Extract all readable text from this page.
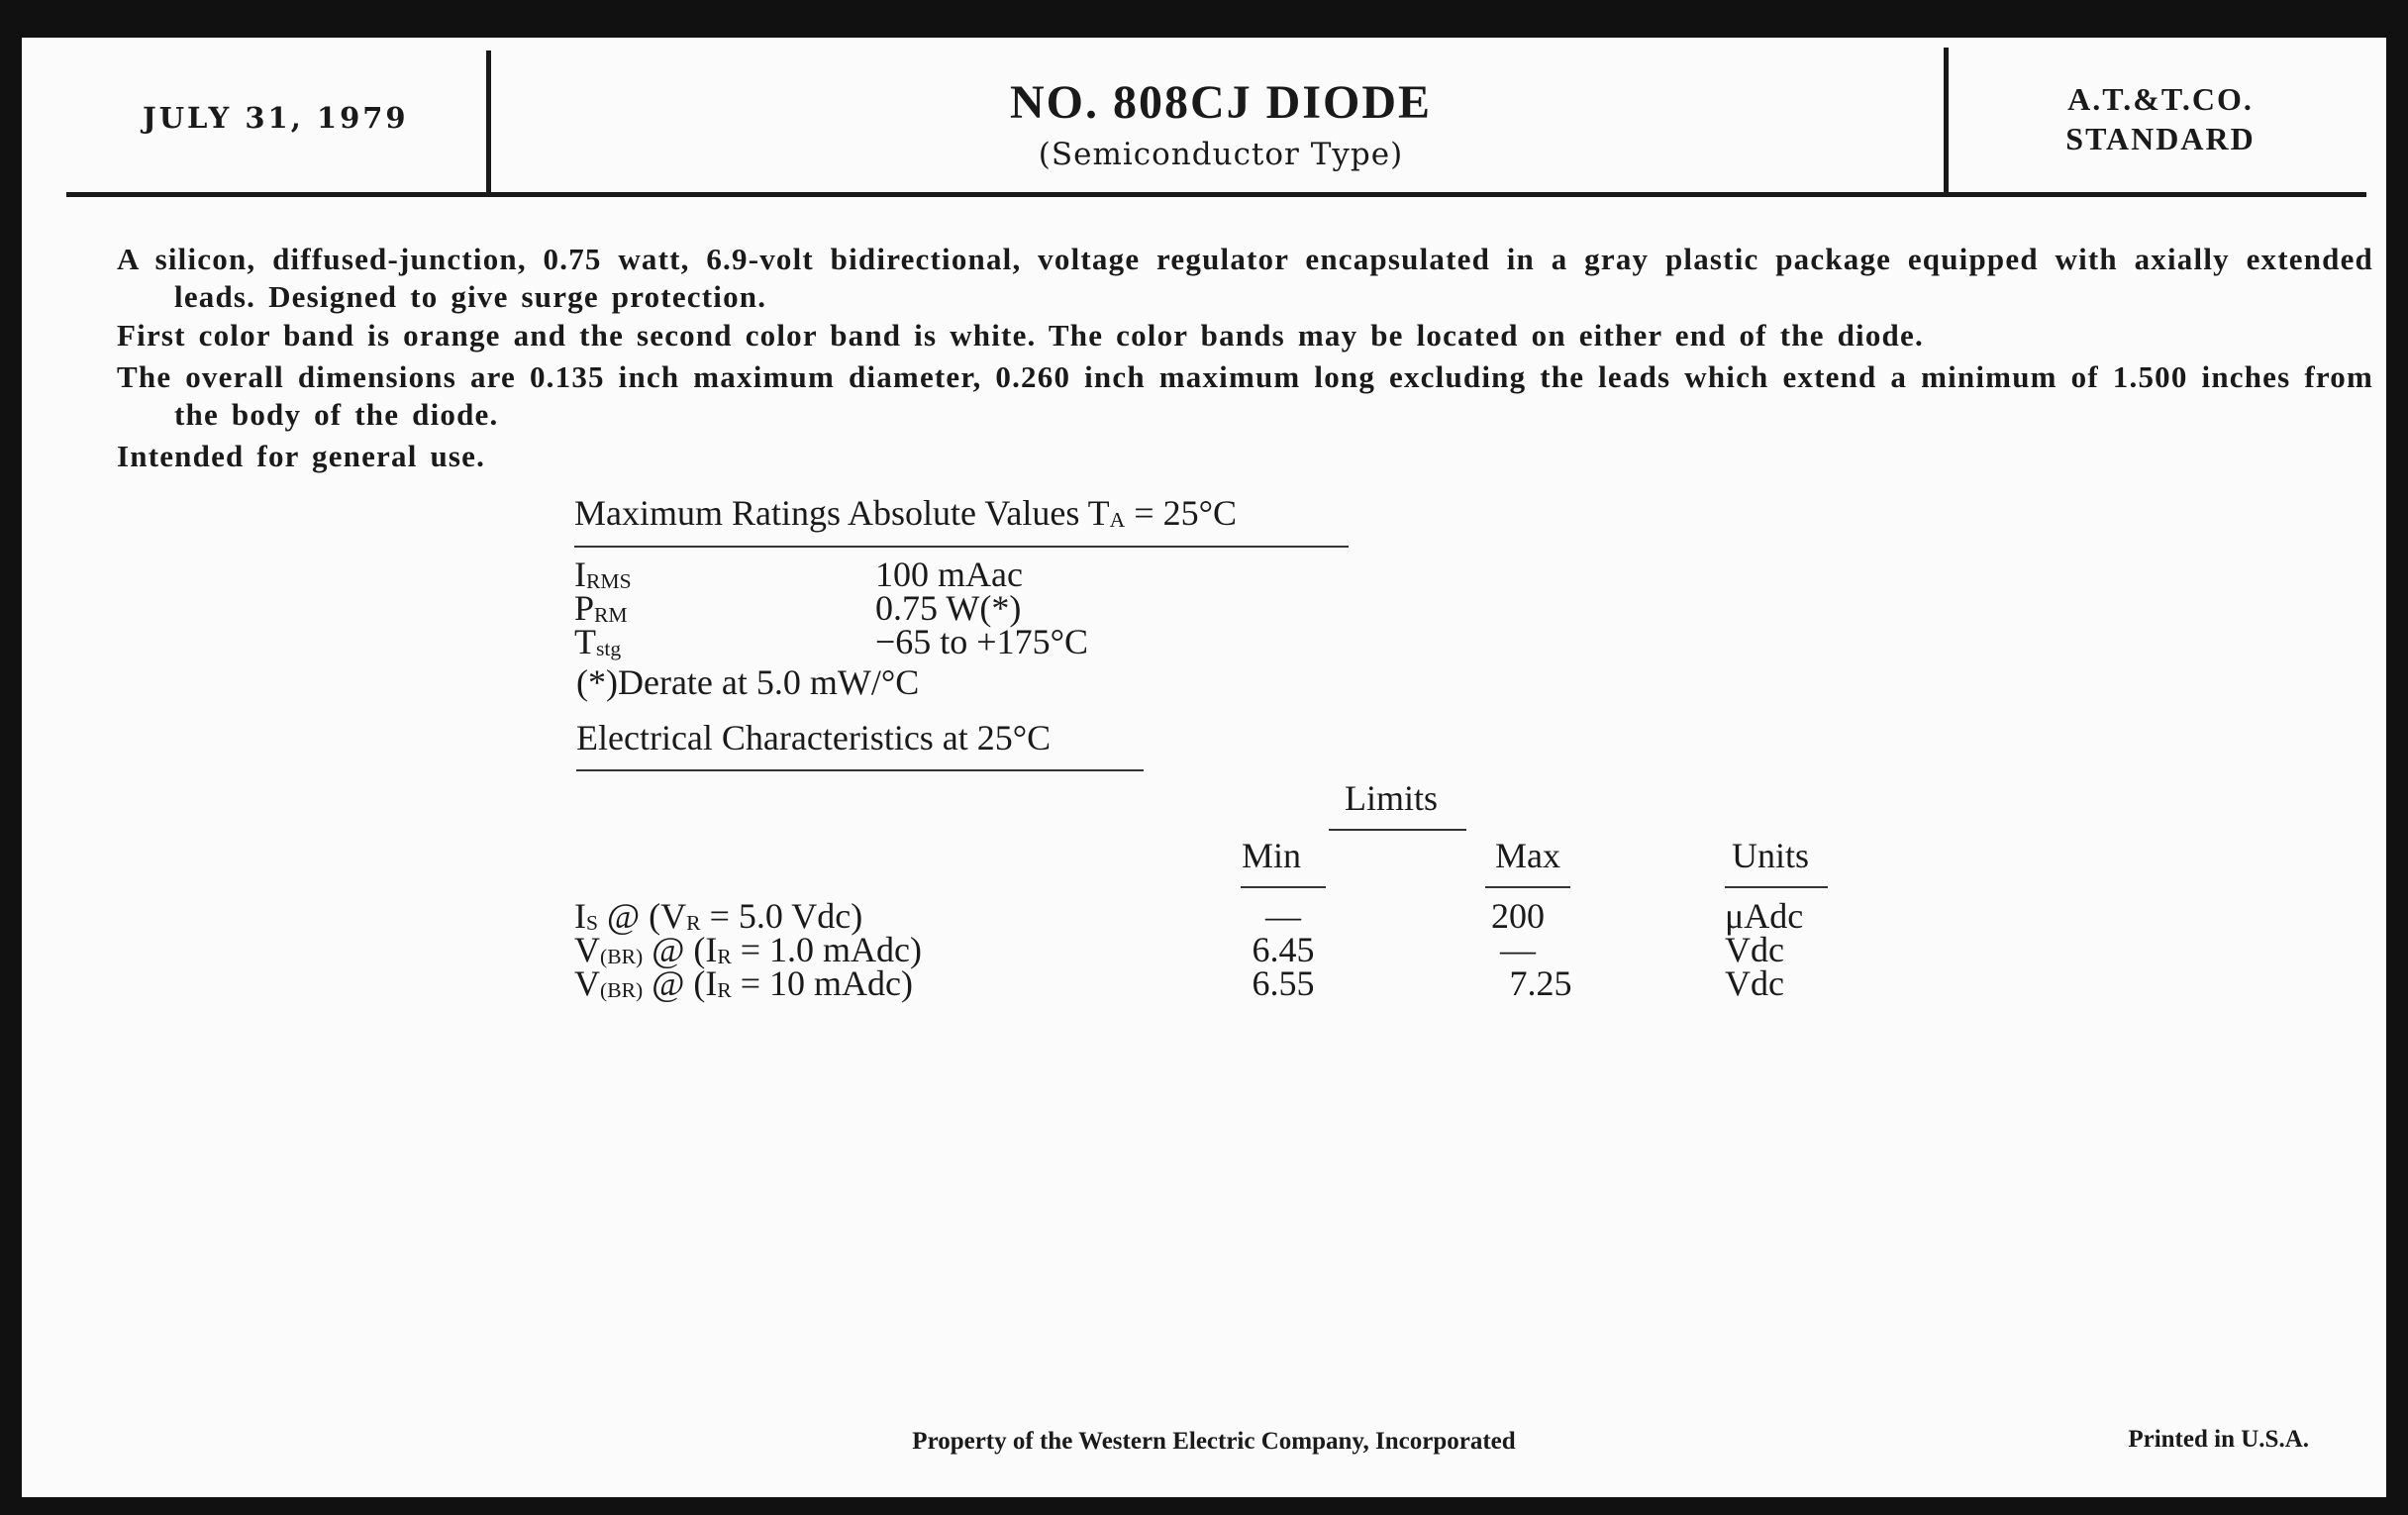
JULY 31, 1979	NO. 808CJ DIODE
(Semiconductor Type)
A.T.&T.CO.
STANDARD
A silicon, diffused-junction, 0.75 watt, 6.9-volt bidirectional, voltage regulator encapsulated in a gray plastic package equipped with axially extended leads. Designed to give surge protection.
First color band is orange and the second color band is white. The color bands may be located on either end of the diode.
The overall dimensions are 0.135 inch maximum diameter, 0.260 inch maximum long excluding the leads which extend a minimum of 1.500 inches from the body of the diode.
Intended for general use.
Maximum Ratings Absolute Values $T_A = 25^\circ C$
$I_{RMS}$	100 mAac
$P_{RM}$	0.75 W(*)
$T_{stg}$	−65 to +175°C
(*)Derate at 5.0 mW/°C
Electrical Characteristics at 25°C
Limits
Min	Max	Units
$I_S$ @ ($V_R = 5.0$ Vdc)	—	200	μAdc
$V_{(BR)}$ @ ($I_R = 1.0$ mAdc)	6.45	—	Vdc
$V_{(BR)}$ @ ($I_R = 10$ mAdc)	6.55	7.25	Vdc
Property of the Western Electric Company, Incorporated	Printed in U.S.A.
